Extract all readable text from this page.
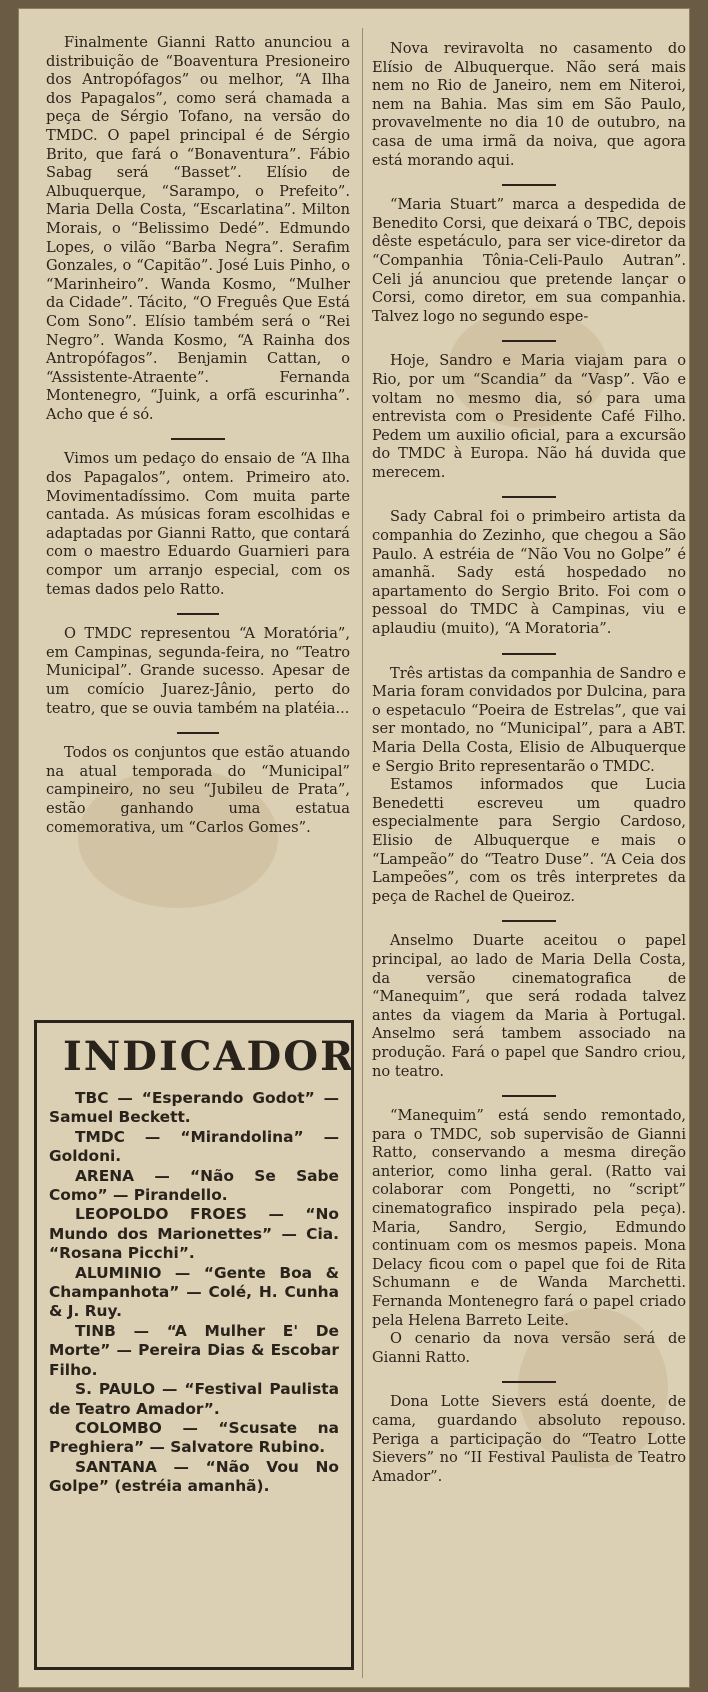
Finalmente Gianni Ratto anunciou a distribuição de “Boaventura Presioneiro dos Antropófagos” ou melhor, “A Ilha dos Papagalos”, como será chamada a peça de Sérgio Tofano, na versão do TMDC. O papel principal é de Sérgio Brito, que fará o “Bonaventura”. Fábio Sabag será “Basset”. Elísio de Albuquerque, “Sarampo, o Prefeito”. Maria Della Costa, “Escarlatina”. Milton Morais, o “Belissimo Dedé”. Edmundo Lopes, o vilão “Barba Negra”. Serafim Gonzales, o “Capitão”. José Luis Pinho, o “Marinheiro”. Wanda Kosmo, “Mulher da Cidade”. Tácito, “O Freguês Que Está Com Sono”. Elísio também será o “Rei Negro”. Wanda Kosmo, “A Rainha dos Antropófagos”. Benjamin Cattan, o “Assistente-Atraente”. Fernanda Montenegro, “Juink, a orfã escurinha”. Acho que é só.

Vimos um pedaço do ensaio de “A Ilha dos Papagalos”, ontem. Primeiro ato. Movimentadíssimo. Com muita parte cantada. As músicas foram escolhidas e adaptadas por Gianni Ratto, que contará com o maestro Eduardo Guarnieri para compor um arranjo especial, com os temas dados pelo Ratto.

O TMDC representou “A Moratória”, em Campinas, segunda-feira, no “Teatro Municipal”. Grande sucesso. Apesar de um comício Juarez-Jânio, perto do teatro, que se ouvia também na platéia...

Todos os conjuntos que estão atuando na atual temporada do “Municipal” campineiro, no seu “Jubileu de Prata”, estão ganhando uma estatua comemorativa, um “Carlos Gomes”.

INDICADOR

TBC — “Esperando Godot” — Samuel Beckett.

TMDC — “Mirandolina” — Goldoni.

ARENA — “Não Se Sabe Como” — Pirandello.

LEOPOLDO FROES — “No Mundo dos Marionettes” — Cia. “Rosana Picchi”.

ALUMINIO — “Gente Boa & Champanhota” — Colé, H. Cunha & J. Ruy.

TINB — “A Mulher E' De Morte” — Pereira Dias & Escobar Filho.

S. PAULO — “Festival Paulista de Teatro Amador”.

COLOMBO — “Scusate na Preghiera” — Salvatore Rubino.

SANTANA — “Não Vou No Golpe” (estréia amanhã).

Nova reviravolta no casamento do Elísio de Albuquerque. Não será mais nem no Rio de Janeiro, nem em Niteroi, nem na Bahia. Mas sim em São Paulo, provavelmente no dia 10 de outubro, na casa de uma irmã da noiva, que agora está morando aqui.

“Maria Stuart” marca a despedida de Benedito Corsi, que deixará o TBC, depois dêste espetáculo, para ser vice-diretor da “Companhia Tônia-Celi-Paulo Autran”. Celi já anunciou que pretende lançar o Corsi, como diretor, em sua companhia. Talvez logo no segundo espe-

Hoje, Sandro e Maria viajam para o Rio, por um “Scandia” da “Vasp”. Vão e voltam no mesmo dia, só para uma entrevista com o Presidente Café Filho. Pedem um auxilio oficial, para a excursão do TMDC à Europa. Não há duvida que merecem.

Sady Cabral foi o primbeiro artista da companhia do Zezinho, que chegou a São Paulo. A estréia de “Não Vou no Golpe” é amanhã. Sady está hospedado no apartamento do Sergio Brito. Foi com o pessoal do TMDC à Campinas, viu e aplaudiu (muito), “A Moratoria”.

Três artistas da companhia de Sandro e Maria foram convidados por Dulcina, para o espetaculo “Poeira de Estrelas”, que vai ser montado, no “Municipal”, para a ABT. Maria Della Costa, Elisio de Albuquerque e Sergio Brito representarão o TMDC.

Estamos informados que Lucia Benedetti escreveu um quadro especialmente para Sergio Cardoso, Elisio de Albuquerque e mais o “Lampeão” do “Teatro Duse”. “A Ceia dos Lampeões”, com os três interpretes da peça de Rachel de Queiroz.

Anselmo Duarte aceitou o papel principal, ao lado de Maria Della Costa, da versão cinematografica de “Manequim”, que será rodada talvez antes da viagem da Maria à Portugal. Anselmo será tambem associado na produção. Fará o papel que Sandro criou, no teatro.

“Manequim” está sendo remontado, para o TMDC, sob supervisão de Gianni Ratto, conservando a mesma direção anterior, como linha geral. (Ratto vai colaborar com Pongetti, no “script” cinematografico inspirado pela peça). Maria, Sandro, Sergio, Edmundo continuam com os mesmos papeis. Mona Delacy ficou com o papel que foi de Rita Schumann e de Wanda Marchetti. Fernanda Montenegro fará o papel criado pela Helena Barreto Leite.

O cenario da nova versão será de Gianni Ratto.

Dona Lotte Sievers está doente, de cama, guardando absoluto repouso. Periga a participação do “Teatro Lotte Sievers” no “II Festival Paulista de Teatro Amador”.
